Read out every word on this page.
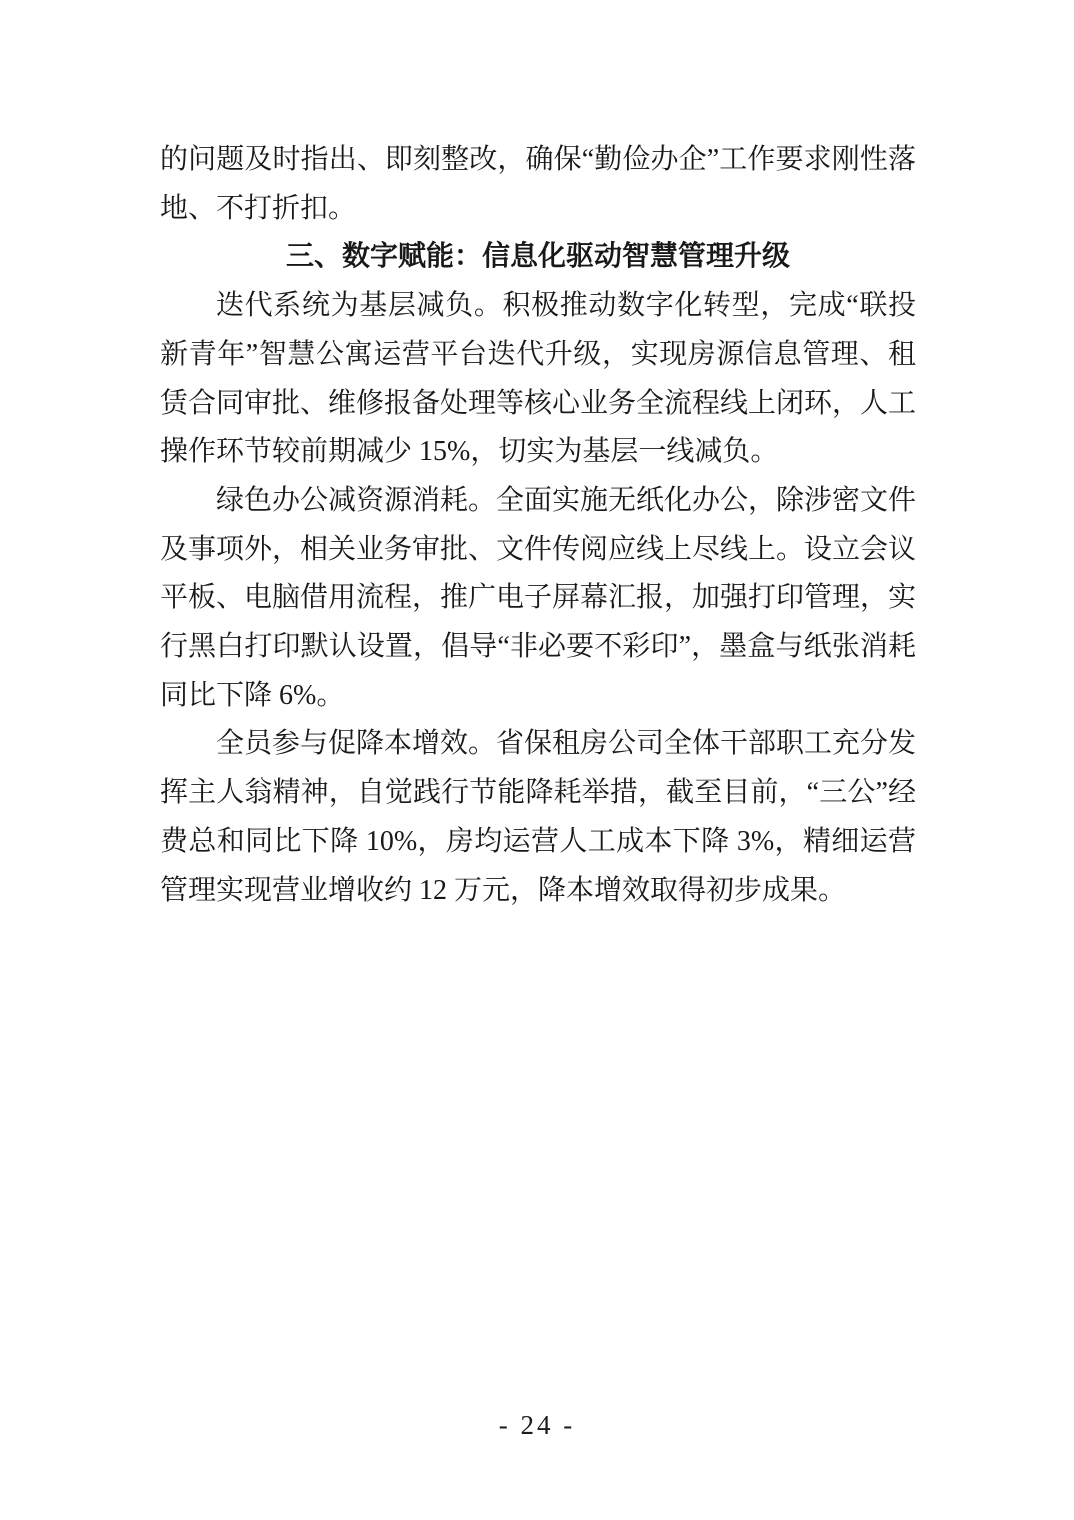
的问题及时指出、即刻整改，确保“勤俭办企”工作要求刚性落地、不打折扣。

三、数字赋能：信息化驱动智慧管理升级

迭代系统为基层减负。积极推动数字化转型，完成“联投新青年”智慧公寓运营平台迭代升级，实现房源信息管理、租赁合同审批、维修报备处理等核心业务全流程线上闭环，人工操作环节较前期减少 15%，切实为基层一线减负。

绿色办公减资源消耗。全面实施无纸化办公，除涉密文件及事项外，相关业务审批、文件传阅应线上尽线上。设立会议平板、电脑借用流程，推广电子屏幕汇报，加强打印管理，实行黑白打印默认设置，倡导“非必要不彩印”，墨盒与纸张消耗同比下降 6%。

全员参与促降本增效。省保租房公司全体干部职工充分发挥主人翁精神，自觉践行节能降耗举措，截至目前，“三公”经费总和同比下降 10%，房均运营人工成本下降 3%，精细运营管理实现营业增收约 12 万元，降本增效取得初步成果。

- 24 -
